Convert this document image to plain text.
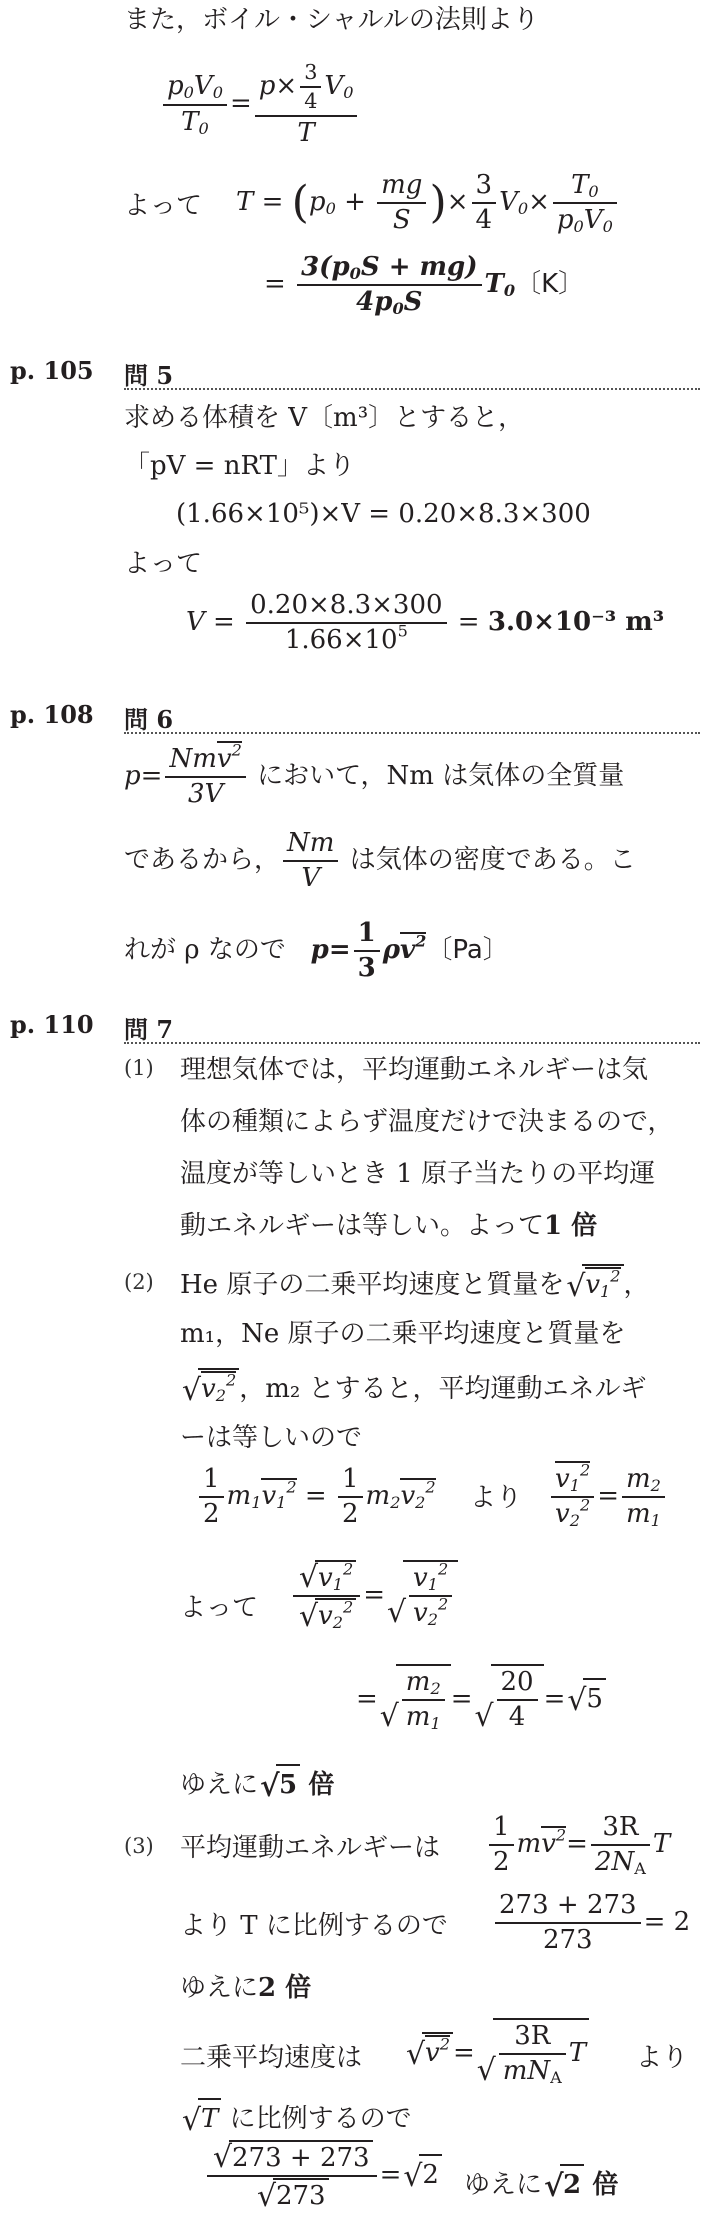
また，ボイル・シャルルの法則より
$\frac{p_0V_0}{T_0} = \frac{p\times \frac{3}{4} V_0}{T}$
よって $T = (p_0 + \frac{mg}{S}$ )× $\frac{3}{4} V_0\times \frac{T_0}{p_0V_0}$
= $\frac{3(p_0S + mg)}{4p_0S} T_0$〔K〕
p. 105 問 5
求める体積を V〔m³〕とすると，
「pV = nRT」より
(1.66×10⁵)×V = 0.20×8.3×300
よって
$V = \frac{0.20\times 8.3\times 300}{1.66\times 10^5} = 3.0\times 10^{-3}$ m³
p. 108 問 6
$p= \frac{Nmv^2}{3V}$ において，Nm は気体の全質量
であるから， $\frac{Nm}{V}$ は気体の密度である。こ
れが ρ なので $p= \frac{1}{3} \rho v^2$〔Pa〕
p. 110 問 7
(1) 理想気体では，平均運動エネルギーは気
体の種類によらず温度だけで決まるので，
温度が等しいとき 1 原子当たりの平均運
動エネルギーは等しい。よって1 倍
(2) He 原子の二乗平均速度と質量を √ $v_1^2$ ，
m₁，Ne 原子の二乗平均速度と質量を
√ $v_2^2$ ，m₂ とすると，平均運動エネルギ
ーは等しいので
$\frac{1}{2} m_1v_1^2 = \frac{1}{2} m_2v_2^2$ より $\frac{v_1^2}{v_2^2} = \frac{m_2}{m_1}$
よって √ $v_1^2$
√ $v_2^2$ = √ $\frac{v_1^2}{v_2^2}$
= √ $\frac{m_2}{m_1}$ = √ $\frac{20}{4}$ = √ 5
ゆえに √ 5 倍
(3) 平均運動エネルギーは $\frac{1}{2} mv^2= \frac{3R}{2N_A}$ T
より T に比例するので $\frac{273 + 273}{273} = 2$
ゆえに2 倍
二乗平均速度は	√ $v^2$ = √ $\frac{3R}{mN_A}$ T より
√ T に比例するので
√ 273 + 273
√ 273 = √ 2 ゆえに √ 2 倍
